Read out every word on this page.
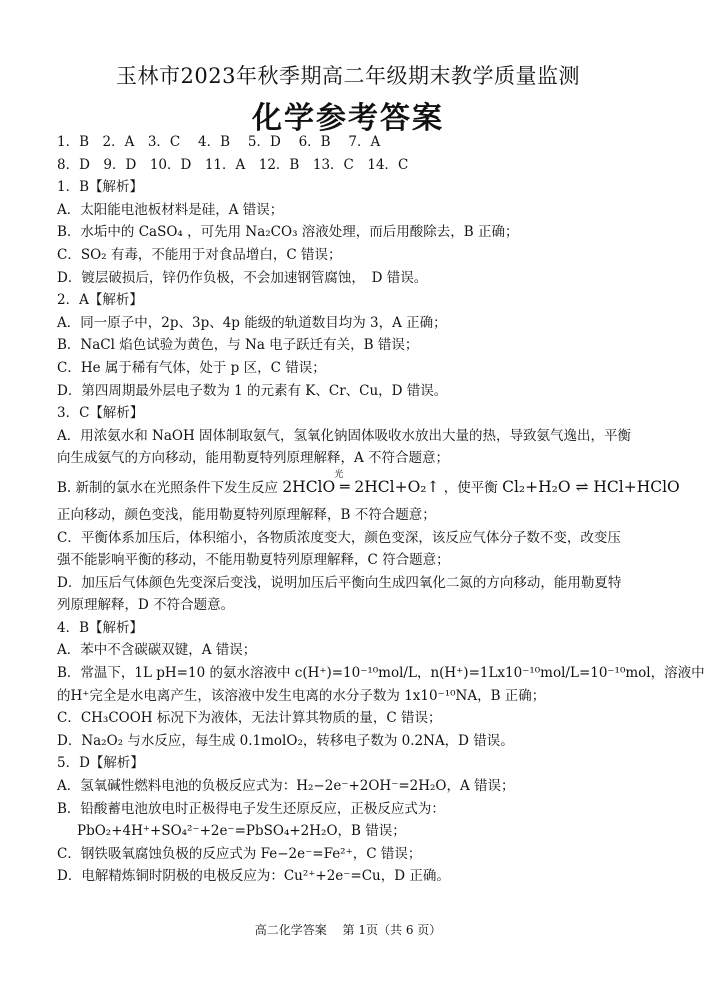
玉林市2023年秋季期高二年级期末教学质量监测
化学参考答案
1．B　2．A　3．C　 4．B　 5．D　 6．B　 7．A
8．D　9．D　10．D　11．A　12．B　13．C　14．C
1．B【解析】
A．太阳能电池板材料是硅，A 错误；
B．水垢中的 CaSO₄ ，可先用 Na₂CO₃ 溶液处理，而后用酸除去，B 正确；
C．SO₂ 有毒，不能用于对食品增白，C 错误；
D．镀层破损后，锌仍作负极，不会加速钢管腐蚀，　D 错误。
2．A【解析】
A．同一原子中，2p、3p、4p 能级的轨道数目均为 3，A 正确；
B．NaCl 焰色试验为黄色，与 Na 电子跃迁有关，B 错误；
C．He 属于稀有气体，处于 p 区，C 错误；
D．第四周期最外层电子数为 1 的元素有 K、Cr、Cu，D 错误。
3．C【解析】
A．用浓氨水和 NaOH 固体制取氨气，氢氧化钠固体吸收水放出大量的热，导致氨气逸出，平衡
向生成氨气的方向移动，能用勒夏特列原理解释，A 不符合题意；
B. 新制的氯水在光照条件下发生反应
光
2HClO ═ 2HCl+O₂↑ ，使平衡 Cl₂+H₂O ⇌ HCl+HClO
正向移动，颜色变浅，能用勒夏特列原理解释，B 不符合题意；
C．平衡体系加压后，体积缩小，各物质浓度变大，颜色变深，该反应气体分子数不变，改变压
强不能影响平衡的移动，不能用勒夏特列原理解释，C 符合题意；
D．加压后气体颜色先变深后变浅，说明加压后平衡向生成四氧化二氮的方向移动，能用勒夏特
列原理解释，D 不符合题意。
4．B【解析】
A．苯中不含碳碳双键，A 错误；
B．常温下，1L pH=10 的氨水溶液中 c(H⁺)=10⁻¹⁰mol/L，n(H⁺)=1Lx10⁻¹⁰mol/L=10⁻¹⁰mol，溶液中
的H⁺完全是水电离产生，该溶液中发生电离的水分子数为 1x10⁻¹⁰NA，B 正确；
C．CH₃COOH 标况下为液体，无法计算其物质的量，C 错误；
D．Na₂O₂ 与水反应，每生成 0.1molO₂，转移电子数为 0.2NA，D 错误。
5．D【解析】
A．氢氧碱性燃料电池的负极反应式为：H₂−2e⁻+2OH⁻=2H₂O，A 错误；
B．铅酸蓄电池放电时正极得电子发生还原反应，正极反应式为：
PbO₂+4H⁺+SO₄²⁻+2e⁻=PbSO₄+2H₂O，B 错误；
C．钢铁吸氧腐蚀负极的反应式为 Fe−2e⁻=Fe²⁺，C 错误；
D．电解精炼铜时阴极的电极反应为：Cu²⁺+2e⁻=Cu，D 正确。
高二化学答案　 第 1页（共 6 页）
